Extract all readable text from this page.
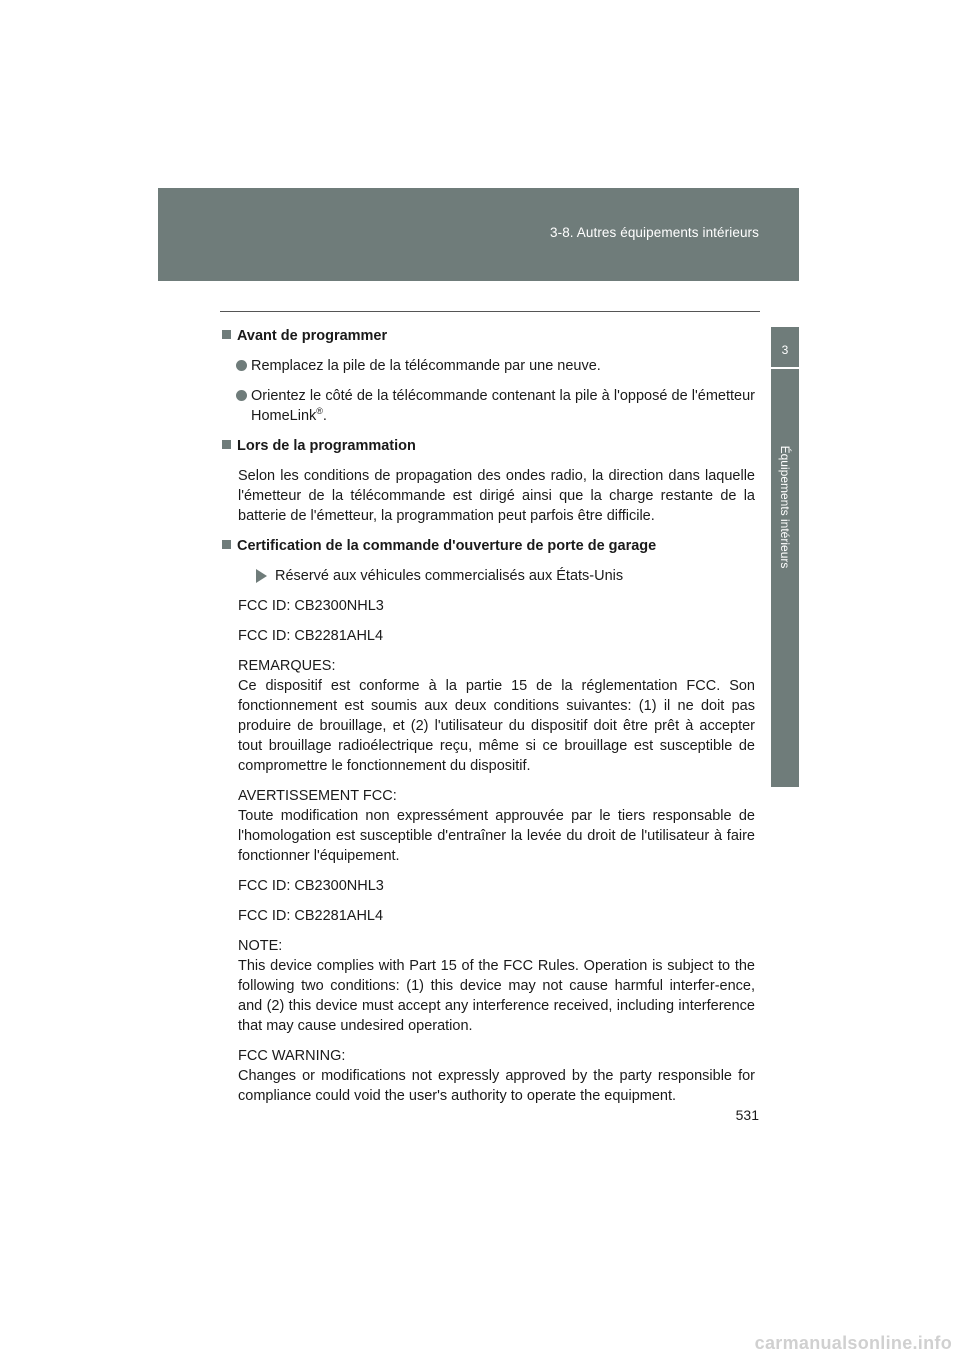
3-8. Autres équipements intérieurs
3
Équipements intérieurs
Avant de programmer
Remplacez la pile de la télécommande par une neuve.
Orientez le côté de la télécommande contenant la pile à l'opposé de l'émetteur HomeLink®.
Lors de la programmation
Selon les conditions de propagation des ondes radio, la direction dans laquelle l'émetteur de la télécommande est dirigé ainsi que la charge restante de la batterie de l'émetteur, la programmation peut parfois être difficile.
Certification de la commande d'ouverture de porte de garage
Réservé aux véhicules commercialisés aux États-Unis
FCC ID: CB2300NHL3
FCC ID: CB2281AHL4
REMARQUES:
Ce dispositif est conforme à la partie 15 de la réglementation FCC. Son fonctionnement est soumis aux deux conditions suivantes: (1) il ne doit pas produire de brouillage, et (2) l'utilisateur du dispositif doit être prêt à accepter tout brouillage radioélectrique reçu, même si ce brouillage est susceptible de compromettre le fonctionnement du dispositif.
AVERTISSEMENT FCC:
Toute modification non expressément approuvée par le tiers responsable de l'homologation est susceptible d'entraîner la levée du droit de l'utilisateur à faire fonctionner l'équipement.
FCC ID: CB2300NHL3
FCC ID: CB2281AHL4
NOTE:
This device complies with Part 15 of the FCC Rules. Operation is subject to the following two conditions: (1) this device may not cause harmful interfer-ence, and (2) this device must accept any interference received, including interference that may cause undesired operation.
FCC WARNING:
Changes or modifications not expressly approved by the party responsible for compliance could void the user's authority to operate the equipment.
531
carmanualsonline.info
